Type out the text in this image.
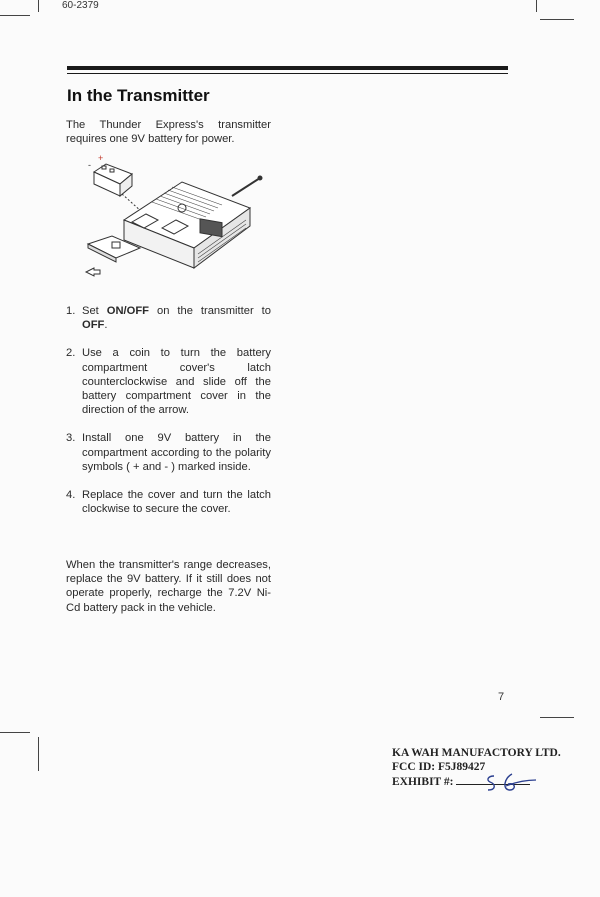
60-2379
In the Transmitter

The Thunder Express's transmitter requires one 9V battery for power.

+
-
1. Set ON/OFF on the transmitter to OFF.
2. Use a coin to turn the battery compartment cover's latch counterclockwise and slide off the battery compartment cover in the direction of the arrow.
3. Install one 9V battery in the compartment according to the polarity symbols ( + and - ) marked inside.
4. Replace the cover and turn the latch clockwise to secure the cover.

When the transmitter's range decreases, replace the 9V battery. If it still does not operate properly, recharge the 7.2V Ni-Cd battery pack in the vehicle.

7
KA WAH MANUFACTORY LTD.
FCC ID: F5J89427
EXHIBIT #:
